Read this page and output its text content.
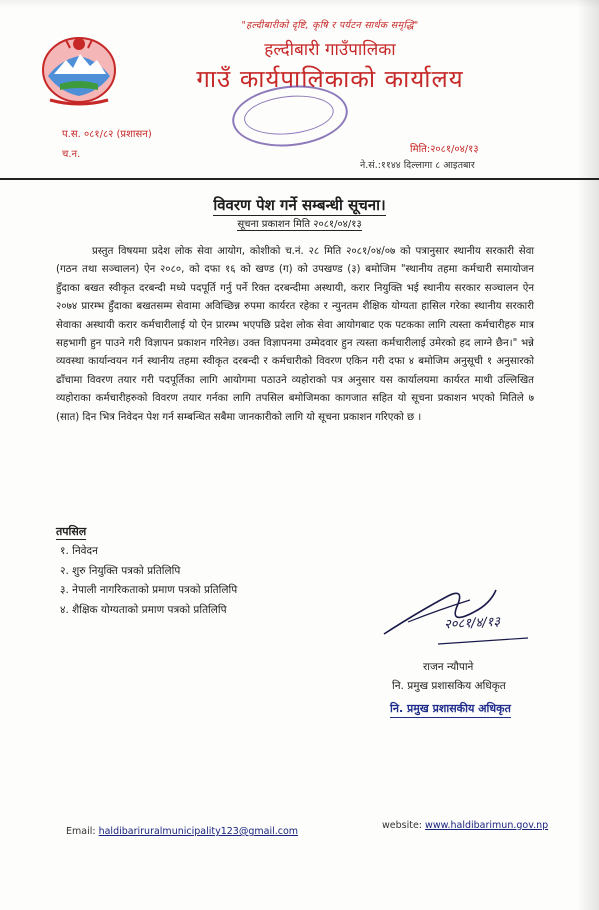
"हल्दीबारीको दृष्टि, कृषि र पर्यटन सार्थक समृद्धि"
हल्दीबारी गाउँपालिका
गाउँ कार्यपालिकाको कार्यालय
प.स. ०८१/८२ (प्रशासन)
च.न.	मिति:२०८१/०४/१३
ने.सं.:११४४ दिल्लागा ८ आइतबार
विवरण पेश गर्ने सम्बन्धी सूचना।
सूचना प्रकाशन मिति २०८१/०४/१३
प्रस्तुत विषयमा प्रदेश लोक सेवा आयोग, कोशीको च.नं. २८ मिति २०८१/०४/०७ को पत्रानुसार स्थानीय सरकारी सेवा (गठन तथा सञ्चालन) ऐन २०८०, को दफा १६ को खण्ड (ग) को उपखण्ड (३) बमोजिम "स्थानीय तहमा कर्मचारी समायोजन हुँदाका बखत स्वीकृत दरबन्दी मध्ये पदपूर्ति गर्नु पर्ने रिक्त दरबन्दीमा अस्थायी, करार नियुक्ति भई स्थानीय सरकार सञ्चालन ऐन २०७४ प्रारम्भ हुँदाका बखतसम्म सेवामा अविच्छिन्न रुपमा कार्यरत रहेका र न्युनतम शैक्षिक योग्यता हासिल गरेका स्थानीय सरकारी सेवाका अस्थायी करार कर्मचारीलाई यो ऐन प्रारम्भ भएपछि प्रदेश लोक सेवा आयोगबाट एक पटकका लागि त्यस्ता कर्मचारीहरु मात्र सहभागी हुन पाउने गरी विज्ञापन प्रकाशन गरिनेछ। उक्त विज्ञापनमा उम्मेदवार हुन त्यस्ता कर्मचारीलाई उमेरको हद लाग्ने छैन।" भन्ने व्यवस्था कार्यान्वयन गर्न स्थानीय तहमा स्वीकृत दरबन्दी र कर्मचारीको विवरण एकिन गरी दफा ४ बमोजिम अनुसूची १ अनुसारको ढाँचामा विवरण तयार गरी पदपूर्तिका लागि आयोगमा पठाउने व्यहोराको पत्र अनुसार यस कार्यालयमा कार्यरत माथी उल्लिखित व्यहोराका कर्मचारीहरुको विवरण तयार गर्नका लागि तपसिल बमोजिमका कागजात सहित यो सूचना प्रकाशन भएको मितिले ७ (सात) दिन भित्र निवेदन पेश गर्न सम्बन्धित सबैमा जानकारीको लागि यो सूचना प्रकाशन गरिएको छ ।
तपसिल
१. निवेदन
२. शुरु नियुक्ति पत्रको प्रतिलिपि
३. नेपाली नागरिकताको प्रमाण पत्रको प्रतिलिपि
४. शैक्षिक योग्यताको प्रमाण पत्रको प्रतिलिपि
२०८१/४/१३
राजन न्यौपाने
नि. प्रमुख प्रशासकिय अधिकृत
नि. प्रमुख प्रशासकीय अधिकृत
Email: haldibariruralmunicipality123@gmail.com
website: www.haldibarimun.gov.np
